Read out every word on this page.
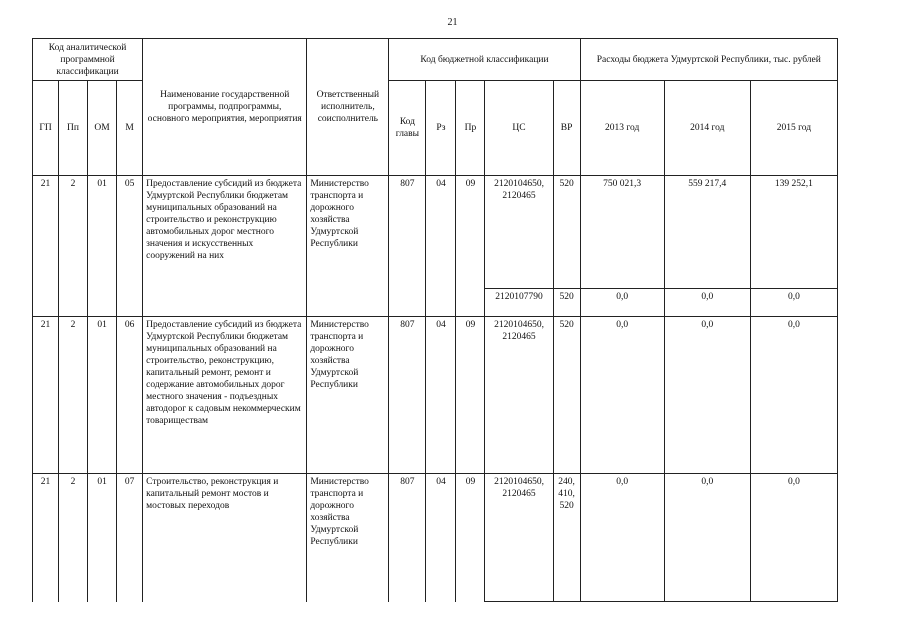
21
Код аналитической программной классификации				Наименование государственной программы, подпрограммы, основного мероприятия, мероприятия	Ответственный исполнитель, соисполнитель	Код бюджетной классификации					Расходы бюджета Удмуртской Республики, тыс. рублей		
ГП	Пп	ОМ	М			Код главы	Рз	Пр	ЦС	ВР	2013 год	2014 год	2015 год
21	2	01	05	Предоставление субсидий из бюджета Удмуртской Республики бюджетам муниципальных образований на строительство и реконструкцию автомобильных дорог местного значения и искусственных сооружений на них	Министерство транспорта и дорожного хозяйства Удмуртской Республики	807	04	09	2120104650, 2120465	520	750 021,3	559 217,4	139 252,1
									2120107790	520	0,0	0,0	0,0
21	2	01	06	Предоставление субсидий из бюджета Удмуртской Республики бюджетам муниципальных образований на строительство, реконструкцию, капитальный ремонт, ремонт и содержание автомобильных дорог местного значения - подъездных автодорог к садовым некоммерческим товариществам	Министерство транспорта и дорожного хозяйства Удмуртской Республики	807	04	09	2120104650, 2120465	520	0,0	0,0	0,0
21	2	01	07	Строительство, реконструкция и капитальный ремонт мостов и мостовых переходов	Министерство транспорта и дорожного хозяйства Удмуртской Республики	807	04	09	2120104650, 2120465	240, 410, 520	0,0	0,0	0,0
